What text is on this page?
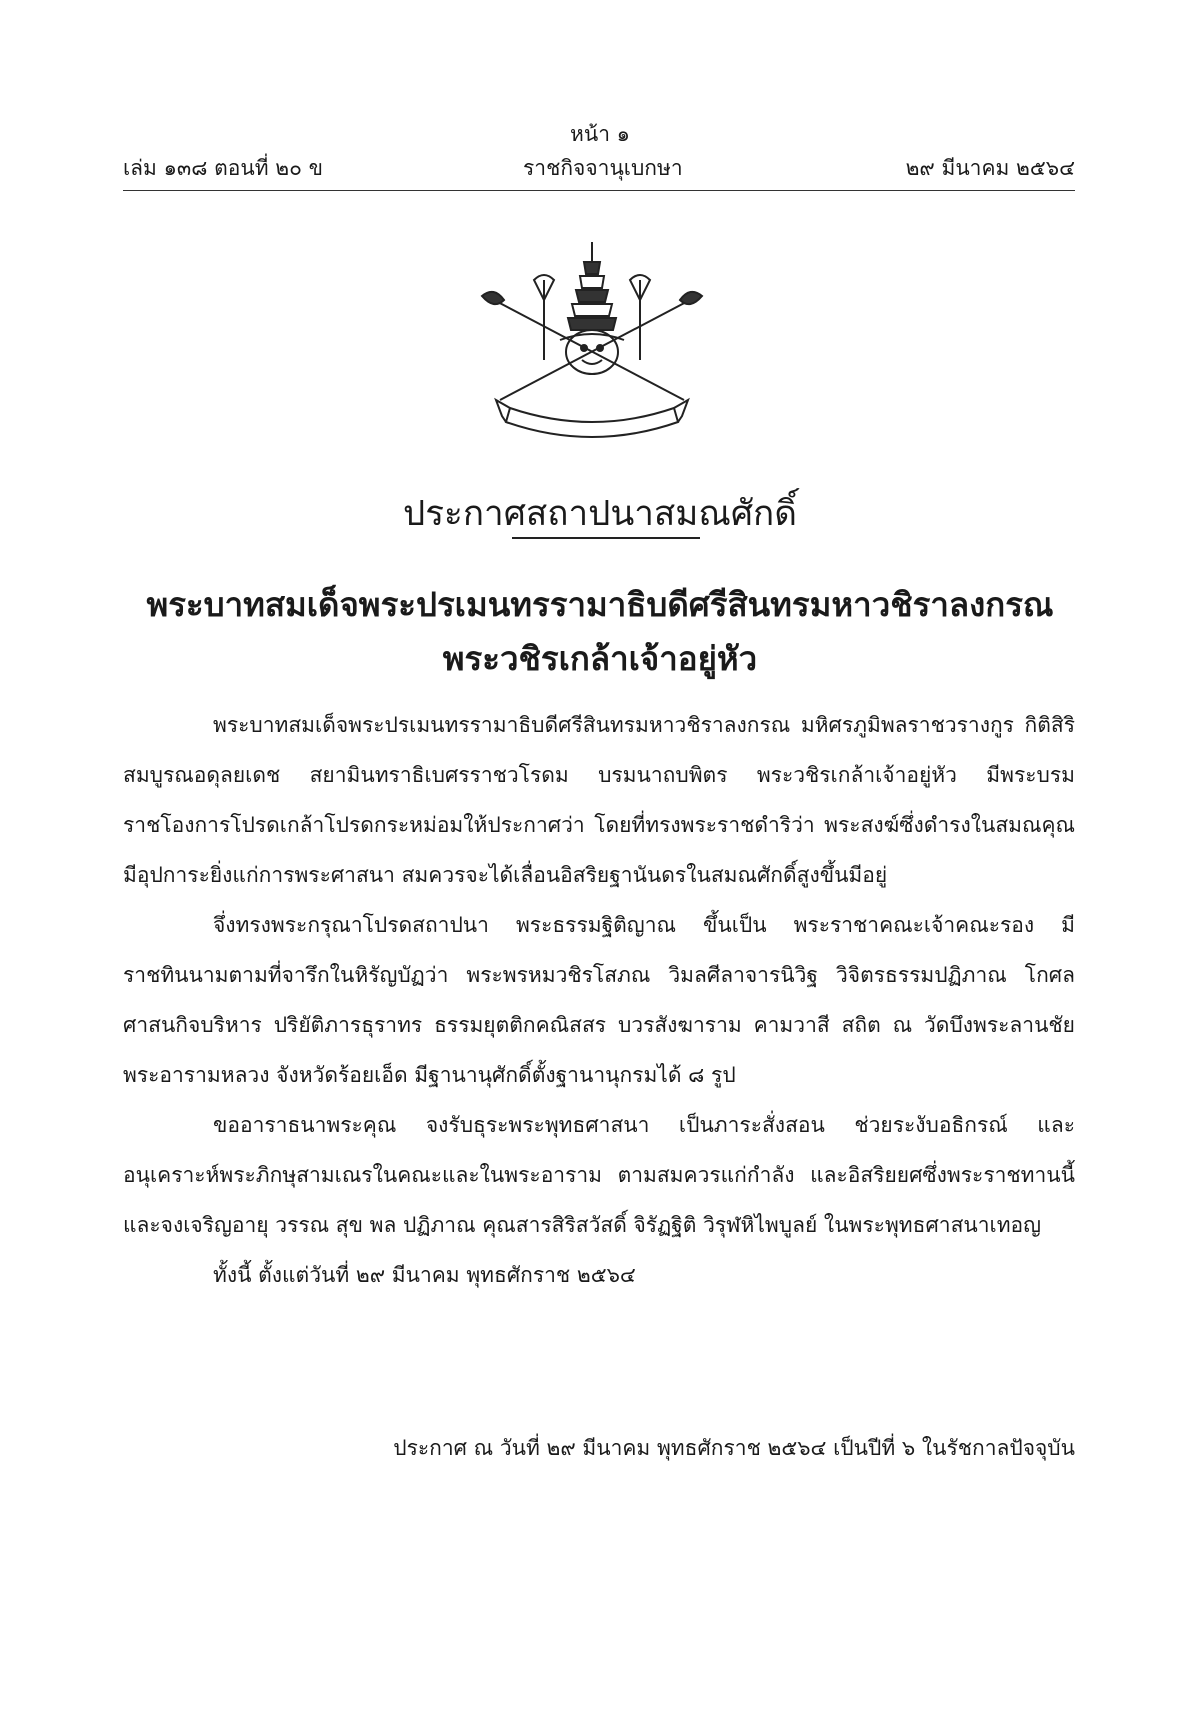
หน้า ๑
เล่ม ๑๓๘ ตอนที่ ๒๐ ข	ราชกิจจานุเบกษา	๒๙ มีนาคม ๒๕๖๔
ประกาศสถาปนาสมณศักดิ์
พระบาทสมเด็จพระปรเมนทรรามาธิบดีศรีสินทรมหาวชิราลงกรณ
พระวชิรเกล้าเจ้าอยู่หัว

พระบาทสมเด็จพระปรเมนทรรามาธิบดีศรีสินทรมหาวชิราลงกรณ มหิศรภูมิพลราชวรางกูร กิติสิริสมบูรณอดุลยเดช สยามินทราธิเบศรราชวโรดม บรมนาถบพิตร พระวชิรเกล้าเจ้าอยู่หัว มีพระบรมราชโองการโปรดเกล้าโปรดกระหม่อมให้ประกาศว่า โดยที่ทรงพระราชดำริว่า พระสงฆ์ซึ่งดำรงในสมณคุณ มีอุปการะยิ่งแก่การพระศาสนา สมควรจะได้เลื่อนอิสริยฐานันดรในสมณศักดิ์สูงขึ้นมีอยู่

จึ่งทรงพระกรุณาโปรดสถาปนา พระธรรมฐิติญาณ ขึ้นเป็น พระราชาคณะเจ้าคณะรอง มีราชทินนามตามที่จารึกในหิรัญบัฏว่า พระพรหมวชิรโสภณ วิมลศีลาจารนิวิฐ วิจิตรธรรมปฏิภาณ โกศลศาสนกิจบริหาร ปริยัติภารธุราทร ธรรมยุตติกคณิสสร บวรสังฆาราม คามวาสี สถิต ณ วัดบึงพระลานชัย พระอารามหลวง จังหวัดร้อยเอ็ด มีฐานานุศักดิ์ตั้งฐานานุกรมได้ ๘ รูป

ขออาราธนาพระคุณ จงรับธุระพระพุทธศาสนา เป็นภาระสั่งสอน ช่วยระงับอธิกรณ์ และอนุเคราะห์พระภิกษุสามเณรในคณะและในพระอาราม ตามสมควรแก่กำลัง และอิสริยยศซึ่งพระราชทานนี้ และจงเจริญอายุ วรรณ สุข พล ปฏิภาณ คุณสารสิริสวัสดิ์ จิรัฏฐิติ วิรุฬหิไพบูลย์ ในพระพุทธศาสนาเทอญ

ทั้งนี้ ตั้งแต่วันที่ ๒๙ มีนาคม พุทธศักราช ๒๕๖๔

ประกาศ ณ วันที่ ๒๙ มีนาคม พุทธศักราช ๒๕๖๔ เป็นปีที่ ๖ ในรัชกาลปัจจุบัน
